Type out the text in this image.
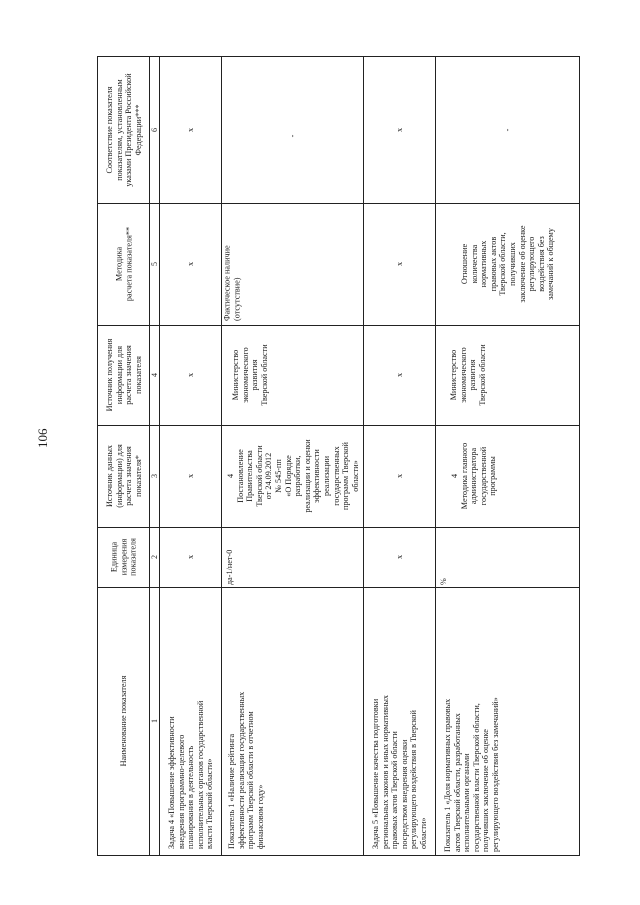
106
Соответствие показателя
показателям, установленным
указами Президента Российской
Федерации***
Методика
расчета показателя**
Источник получения
информации для
расчета значения
показателя
Источник данных
(информации) для
расчета значения
показателя*
Единица
измерения
показателя
Наименование показателя
6
5
4
3
2
1
х
х
х
х
х
Задача 4 «Повышение эффективности
внедрения программно-целевого
планирования в деятельность
исполнительных органов государственной
власти Тверской области»
-
Фактическое наличие
(отсутствие)
Министерство
экономического
развития
Тверской области
4
Постановление
Правительства
Тверской области
от 24.09.2012
№ 545-пп
«О Порядке
разработки,
реализации и оценки
эффективности
реализации
государственных
программ Тверской
области»
да-1/нет-0
Показатель 1 «Наличие рейтинга
эффективности реализации государственных
программ Тверской области в отчетном
финансовом году»
х
х
х
х
х
Задача 5 «Повышение качества подготовки
региональных законов и иных нормативных
правовых актов Тверской области
посредством внедрения оценки
регулирующего воздействия в Тверской
области»
-
Отношение
количества
нормативных
правовых актов
Тверской области,
получивших
заключение об оценке
регулирующего
воздействия без
замечаний к общему
Министерство
экономического
развития
Тверской области
4
Методика главного
администратора
государственной
программы
%
Показатель 1 «Доля нормативных правовых
актов Тверской области, разработанных
исполнительными органами
государственной власти Тверской области,
получивших заключение об оценке
регулирующего воздействия без замечаний»
